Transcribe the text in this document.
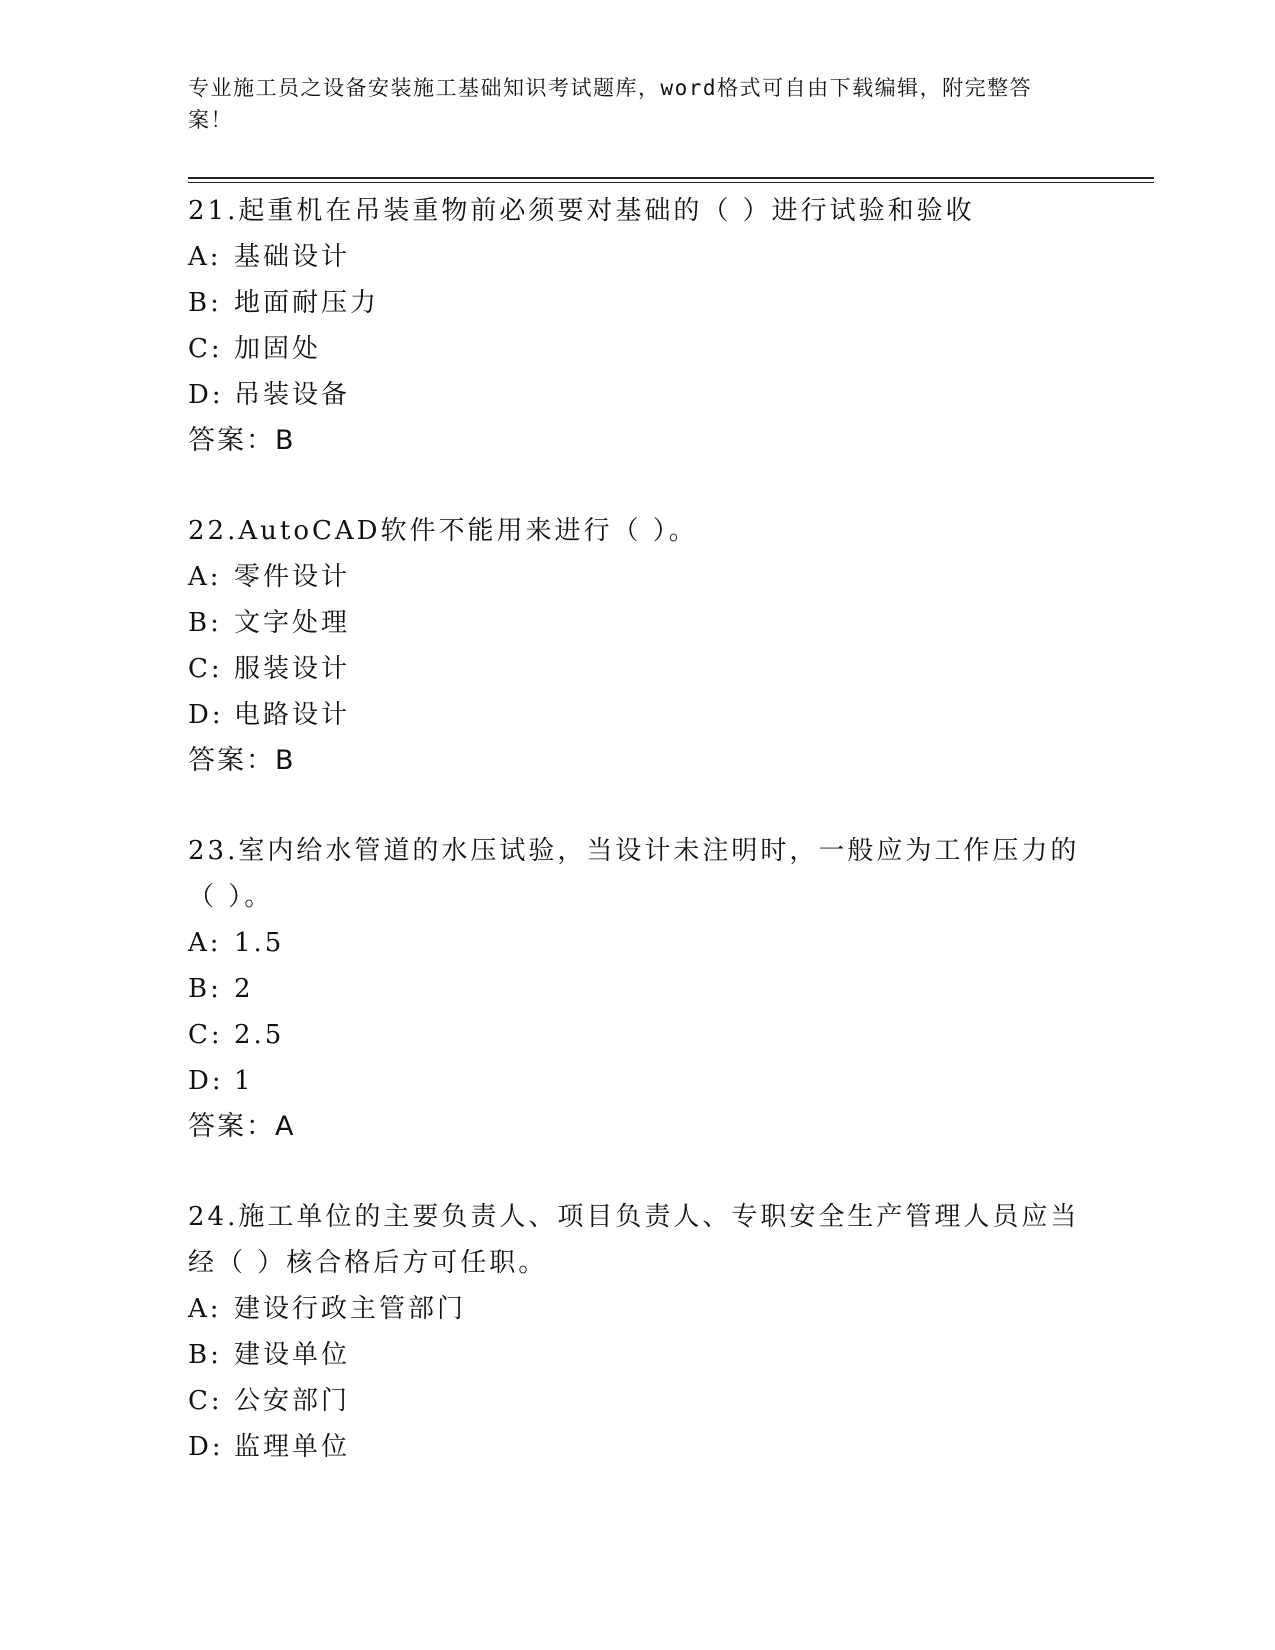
专业施工员之设备安装施工基础知识考试题库，word格式可自由下载编辑，附完整答案！
21.起重机在吊装重物前必须要对基础的（ ）进行试验和验收
A: 基础设计
B: 地面耐压力
C: 加固处
D: 吊装设备
答案：B
22.AutoCAD软件不能用来进行（ ）。
A: 零件设计
B: 文字处理
C: 服装设计
D: 电路设计
答案：B
23.室内给水管道的水压试验，当设计未注明时，一般应为工作压力的（ ）。
A: 1.5
B: 2
C: 2.5
D: 1
答案：A
24.施工单位的主要负责人、项目负责人、专职安全生产管理人员应当经（ ）核合格后方可任职。
A: 建设行政主管部门
B: 建设单位
C: 公安部门
D: 监理单位
